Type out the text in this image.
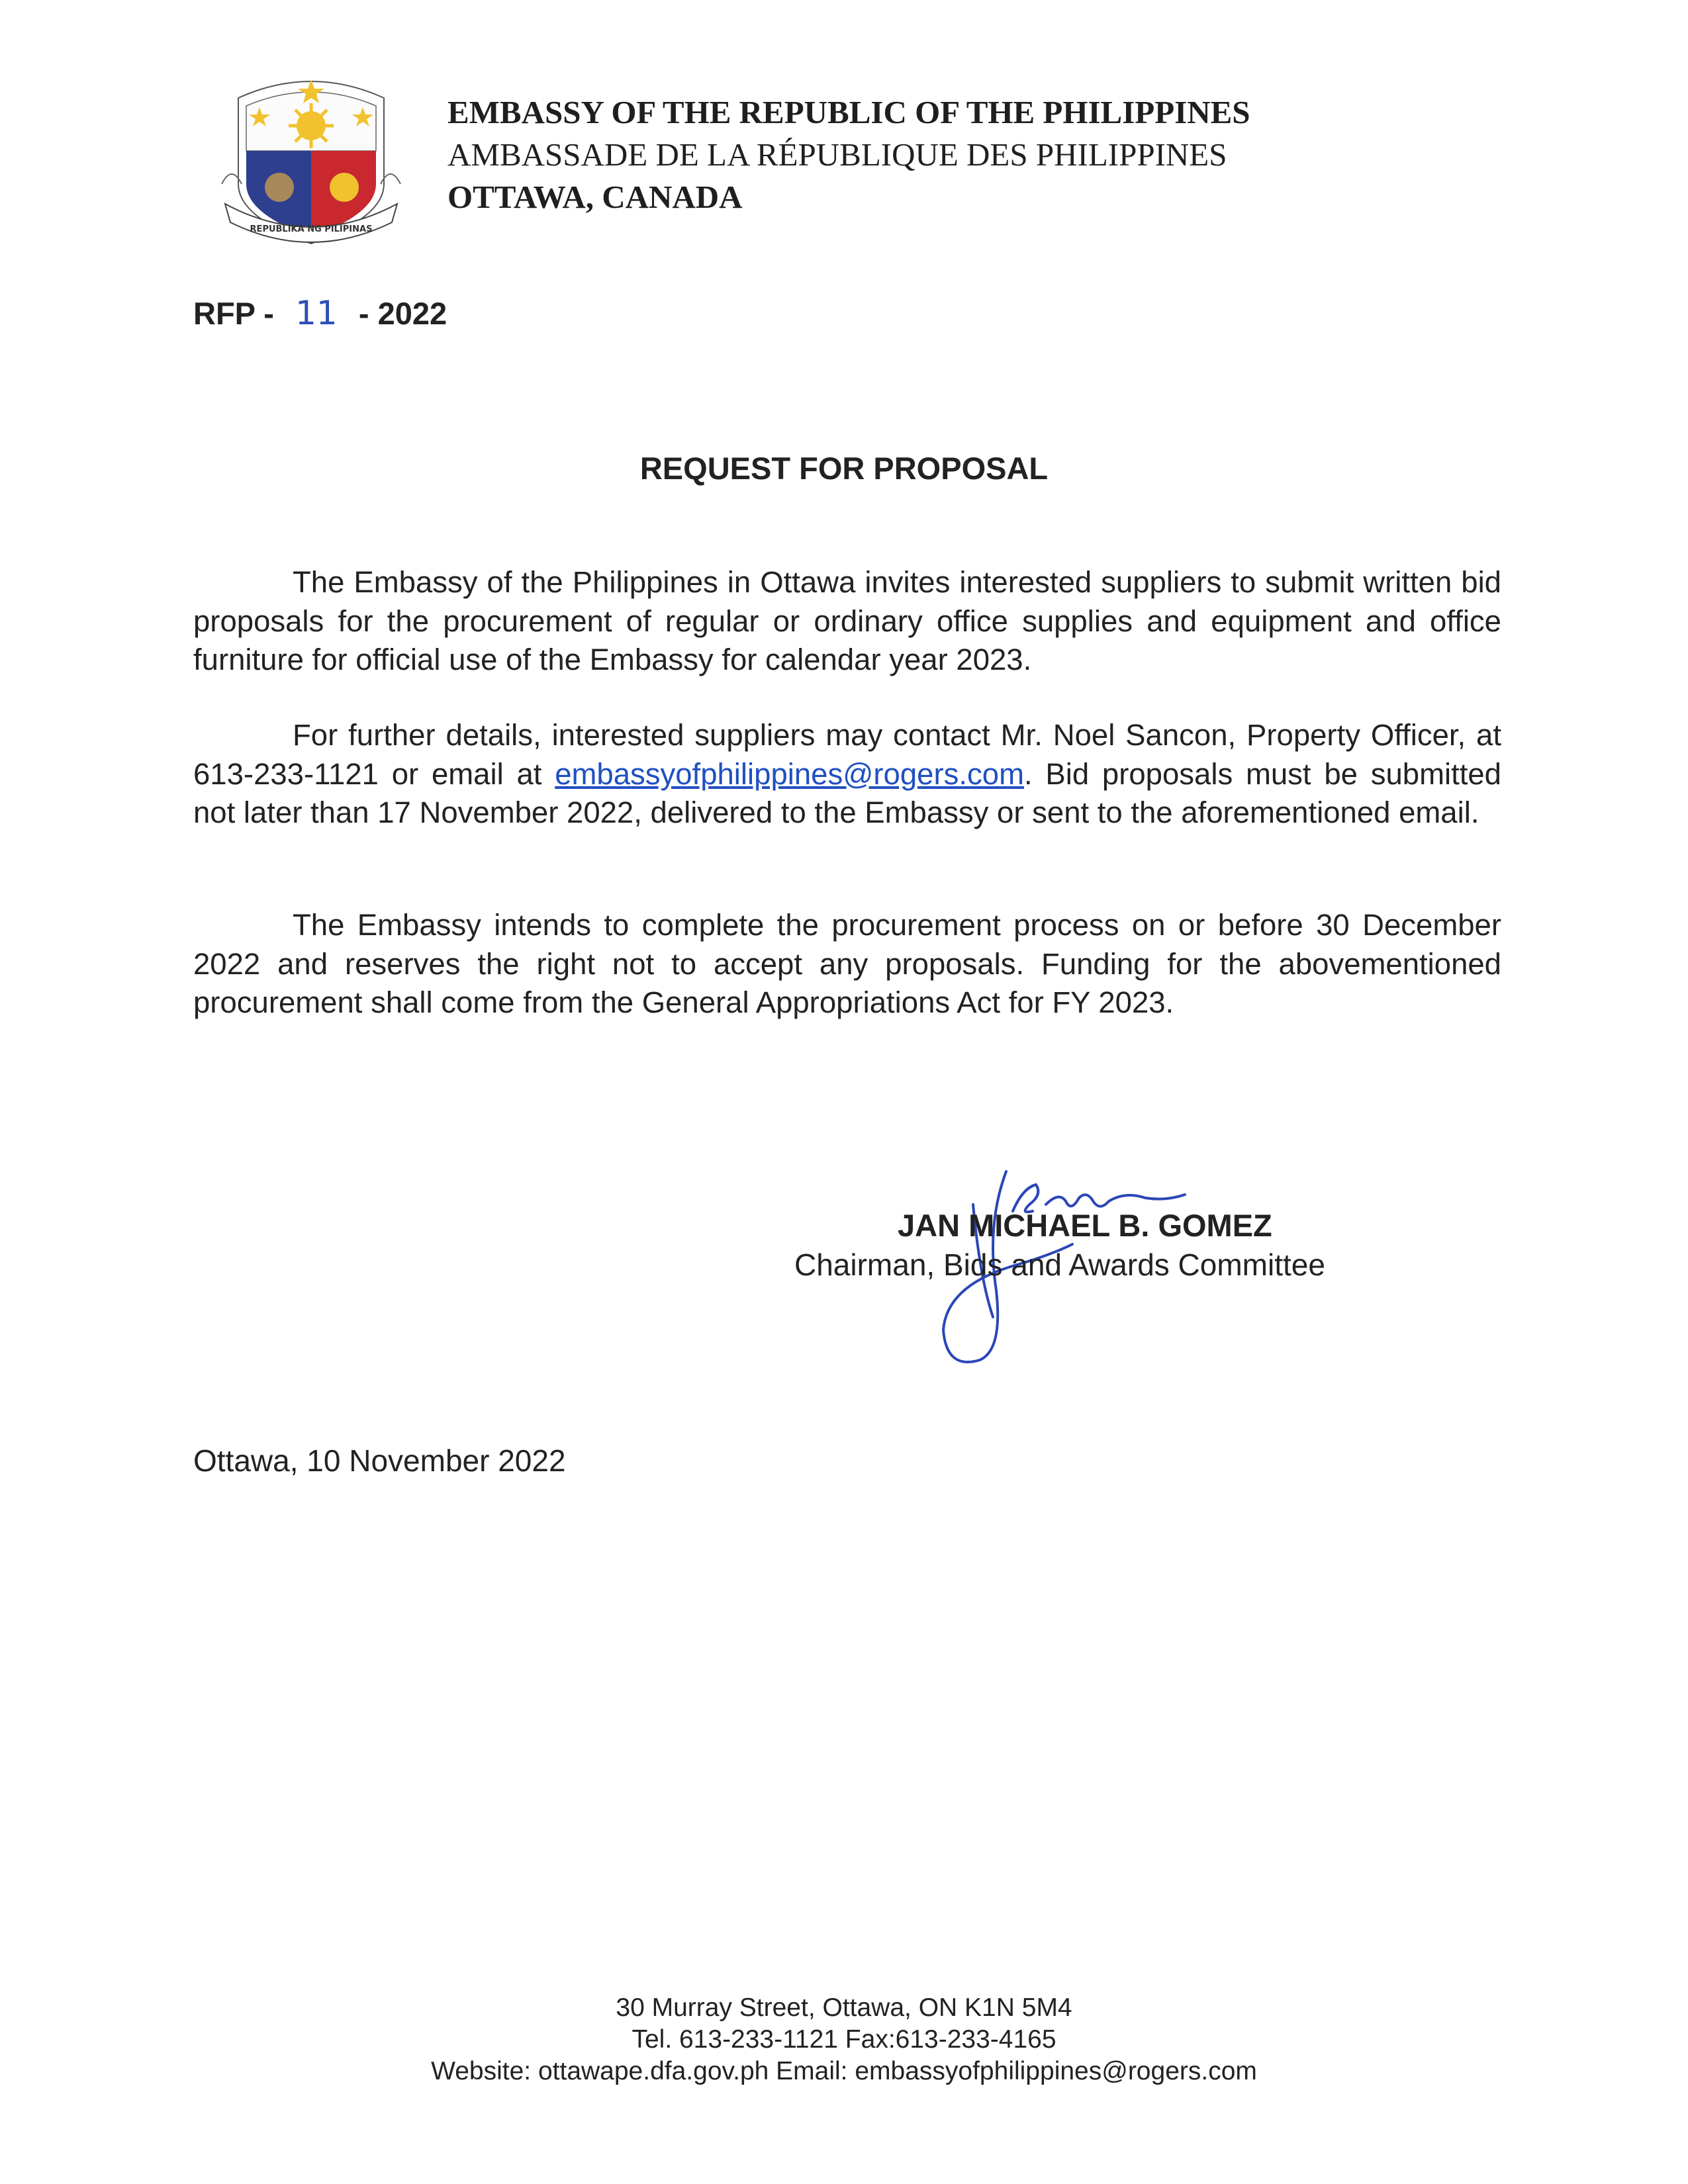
REPUBLIKA NG PILIPINAS
EMBASSY OF THE REPUBLIC OF THE PHILIPPINES
AMBASSADE DE LA RÉPUBLIQUE DES PHILIPPINES
OTTAWA, CANADA
RFP - 11 - 2022
REQUEST FOR PROPOSAL
The Embassy of the Philippines in Ottawa invites interested suppliers to submit written bid proposals for the procurement of regular or ordinary office supplies and equipment and office furniture for official use of the Embassy for calendar year 2023.
For further details, interested suppliers may contact Mr. Noel Sancon, Property Officer, at 613-233-1121 or email at embassyofphilippines@rogers.com. Bid proposals must be submitted not later than 17 November 2022, delivered to the Embassy or sent to the aforementioned email.
The Embassy intends to complete the procurement process on or before 30 December 2022 and reserves the right not to accept any proposals. Funding for the abovementioned procurement shall come from the General Appropriations Act for FY 2023.
JAN MICHAEL B. GOMEZ
Chairman, Bids and Awards Committee
Ottawa, 10 November 2022
30 Murray Street, Ottawa, ON K1N 5M4
Tel. 613-233-1121 Fax:613-233-4165
Website: ottawape.dfa.gov.ph Email: embassyofphilippines@rogers.com
